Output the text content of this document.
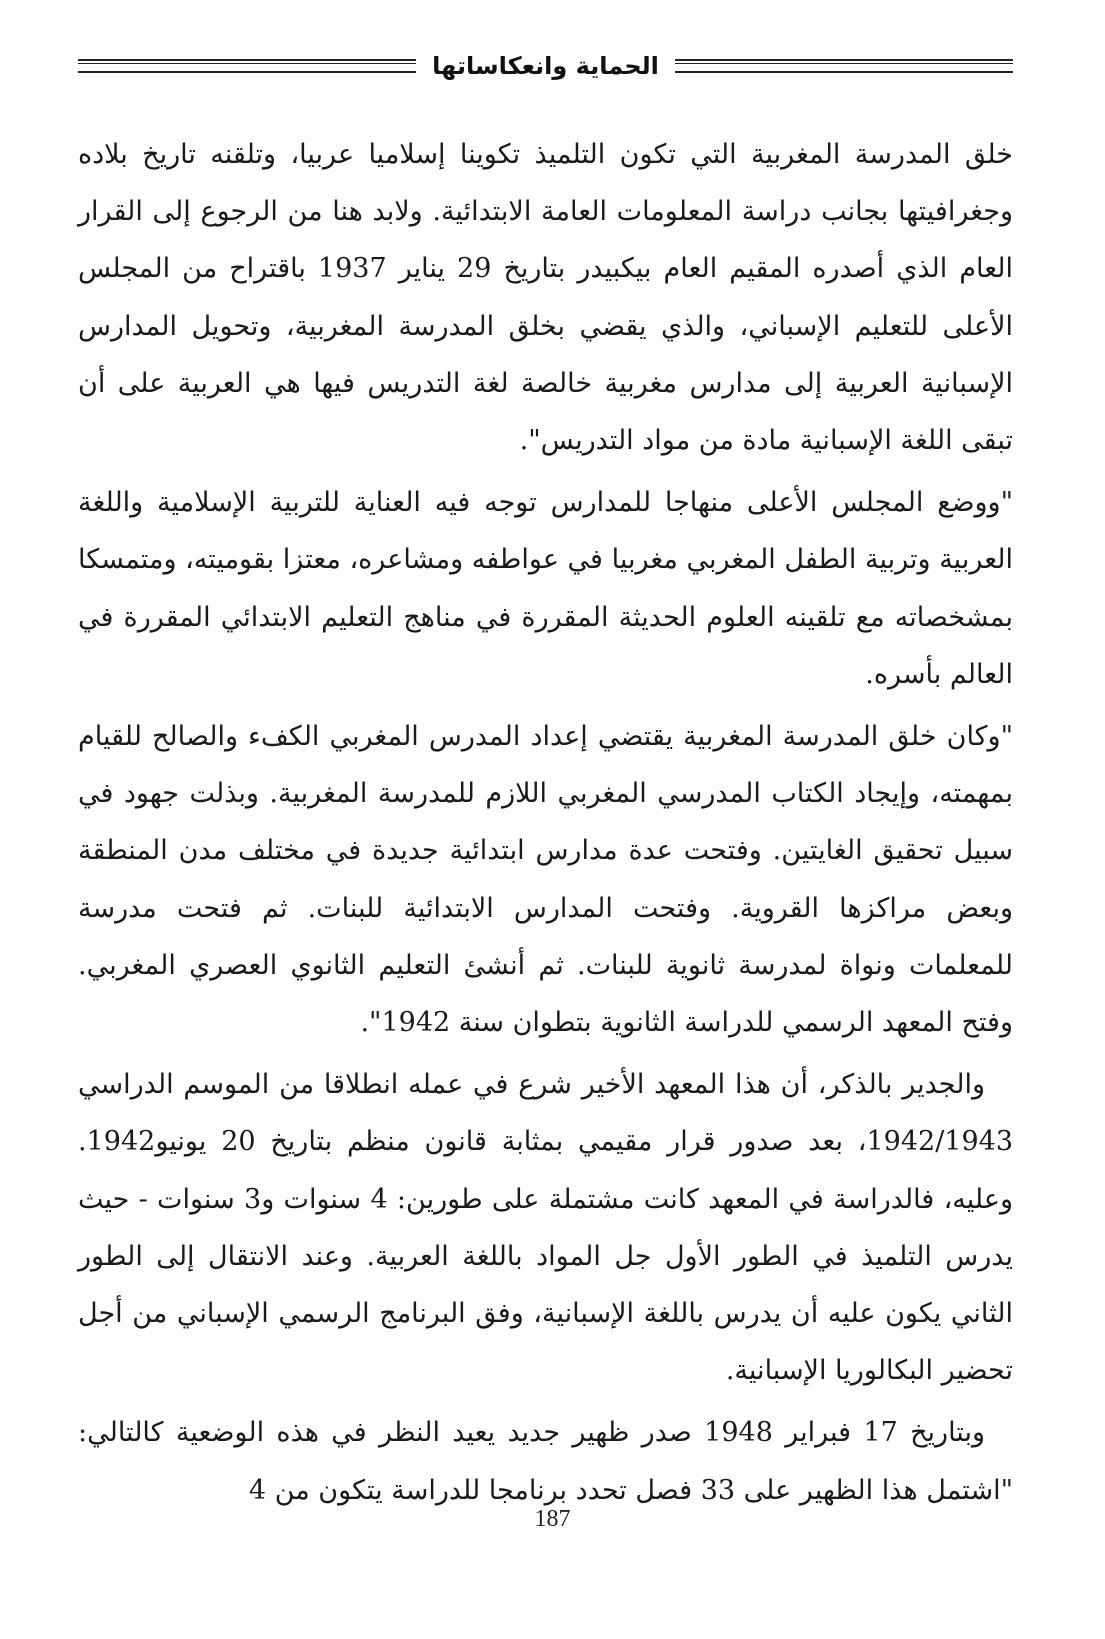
الحماية وانعكاساتها

خلق المدرسة المغربية التي تكون التلميذ تكوينا إسلاميا عربيا، وتلقنه تاريخ بلاده وجغرافيتها بجانب دراسة المعلومات العامة الابتدائية. ولابد هنا من الرجوع إلى القرار العام الذي أصدره المقيم العام بيكبيدر بتاريخ 29 يناير 1937 باقتراح من المجلس الأعلى للتعليم الإسباني، والذي يقضي بخلق المدرسة المغربية، وتحويل المدارس الإسبانية العربية إلى مدارس مغربية خالصة لغة التدريس فيها هي العربية على أن تبقى اللغة الإسبانية مادة من مواد التدريس".

"ووضع المجلس الأعلى منهاجا للمدارس توجه فيه العناية للتربية الإسلامية واللغة العربية وتربية الطفل المغربي مغربيا في عواطفه ومشاعره، معتزا بقوميته، ومتمسكا بمشخصاته مع تلقينه العلوم الحديثة المقررة في مناهج التعليم الابتدائي المقررة في العالم بأسره.

"وكان خلق المدرسة المغربية يقتضي إعداد المدرس المغربي الكفء والصالح للقيام بمهمته، وإيجاد الكتاب المدرسي المغربي اللازم للمدرسة المغربية. وبذلت جهود في سبيل تحقيق الغايتين. وفتحت عدة مدارس ابتدائية جديدة في مختلف مدن المنطقة وبعض مراكزها القروية. وفتحت المدارس الابتدائية للبنات. ثم فتحت مدرسة للمعلمات ونواة لمدرسة ثانوية للبنات. ثم أنشئ التعليم الثانوي العصري المغربي. وفتح المعهد الرسمي للدراسة الثانوية بتطوان سنة 1942".

والجدير بالذكر، أن هذا المعهد الأخير شرع في عمله انطلاقا من الموسم الدراسي 1942/1943، بعد صدور قرار مقيمي بمثابة قانون منظم بتاريخ 20 يونيو1942. وعليه، فالدراسة في المعهد كانت مشتملة على طورين: 4 سنوات و3 سنوات - حيث يدرس التلميذ في الطور الأول جل المواد باللغة العربية. وعند الانتقال إلى الطور الثاني يكون عليه أن يدرس باللغة الإسبانية، وفق البرنامج الرسمي الإسباني من أجل تحضير البكالوريا الإسبانية.

وبتاريخ 17 فبراير 1948 صدر ظهير جديد يعيد النظر في هذه الوضعية كالتالي: "اشتمل هذا الظهير على 33 فصل تحدد برنامجا للدراسة يتكون من 4

187
